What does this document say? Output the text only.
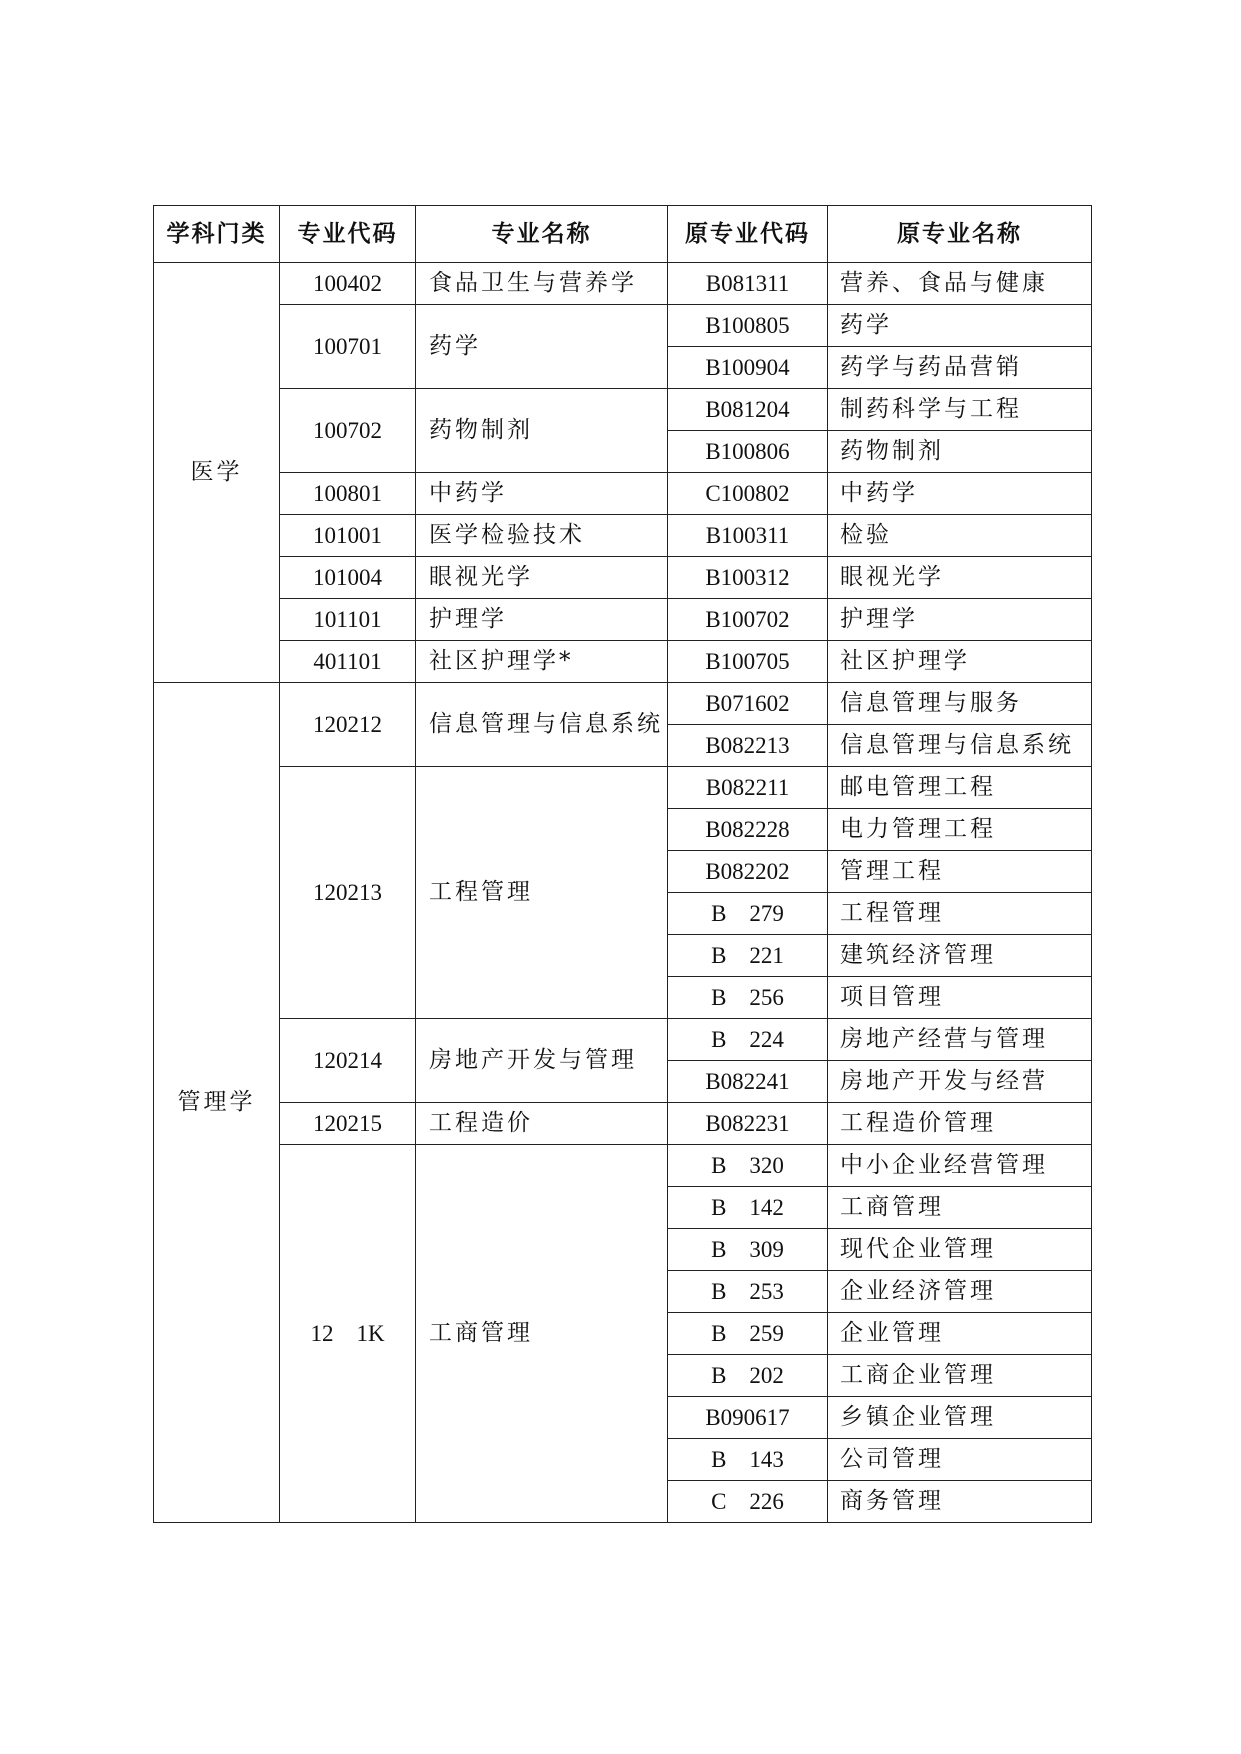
学科门类	专业代码	专业名称	原专业代码	原专业名称
医学	100402	食品卫生与营养学	B081311	营养、食品与健康
	100701	药学	B100805	药学
			B100904	药学与药品营销
	100702	药物制剂	B081204	制药科学与工程
			B100806	药物制剂
	100801	中药学	C100802	中药学
	101001	医学检验技术	B100311	检验
	101004	眼视光学	B100312	眼视光学
	101101	护理学	B100702	护理学
	401101	社区护理学*	B100705	社区护理学
管理学	120212	信息管理与信息系统	B071602	信息管理与服务
			B082213	信息管理与信息系统
	120213	工程管理	B082211	邮电管理工程
			B082228	电力管理工程
			B082202	管理工程
			B    279	工程管理
			B    221	建筑经济管理
			B    256	项目管理
	120214	房地产开发与管理	B    224	房地产经营与管理
			B082241	房地产开发与经营
	120215	工程造价	B082231	工程造价管理
	12    1K	工商管理	B    320	中小企业经营管理
			B    142	工商管理
			B    309	现代企业管理
			B    253	企业经济管理
			B    259	企业管理
			B    202	工商企业管理
			B090617	乡镇企业管理
			B    143	公司管理
			C    226	商务管理
